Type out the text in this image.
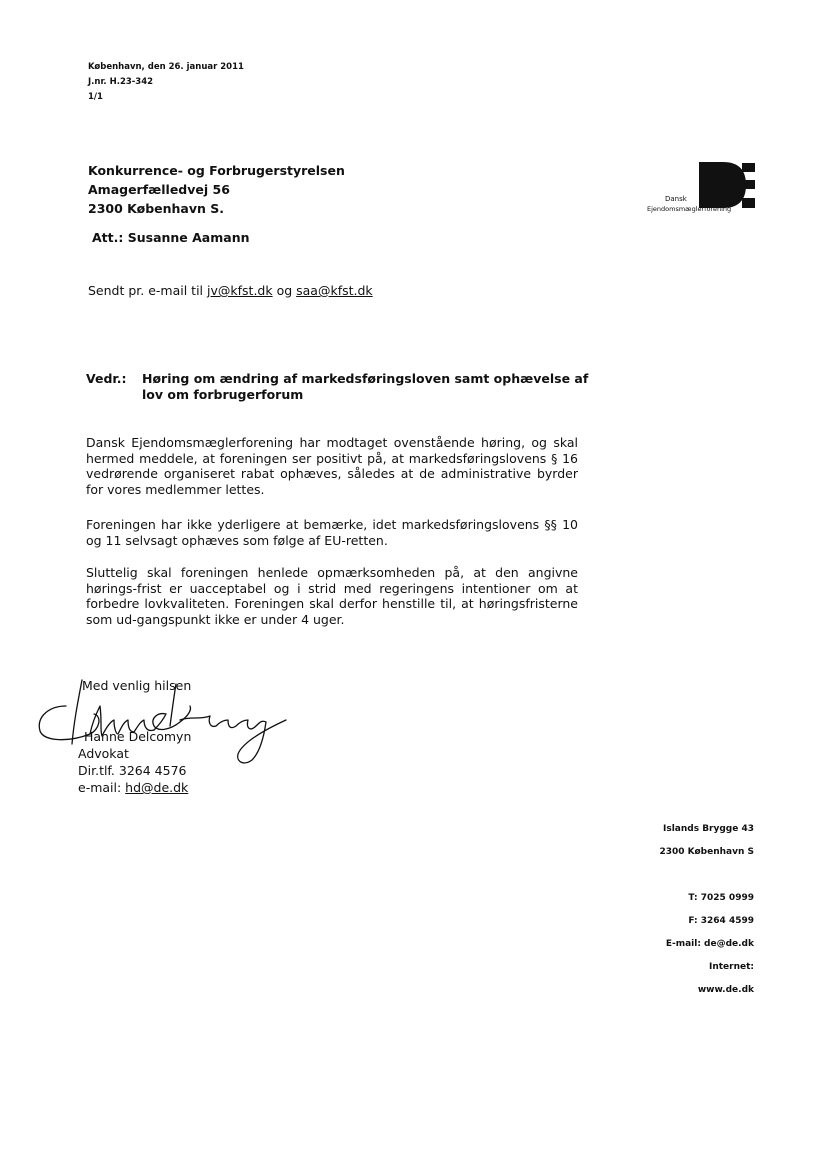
København, den 26. januar 2011
J.nr. H.23-342
1/1
Konkurrence- og Forbrugerstyrelsen
Amagerfælledvej 56
2300 København S.
Att.: Susanne Aamann
Dansk
Ejendomsmæglerforening
Sendt pr. e-mail til jv@kfst.dk og saa@kfst.dk
Vedr.: Høring om ændring af markedsføringsloven samt ophævelse af lov om forbrugerforum
Dansk Ejendomsmæglerforening har modtaget ovenstående høring, og skal hermed meddele, at foreningen ser positivt på, at markedsføringslovens § 16 vedrørende organiseret rabat ophæves, således at de administrative byrder for vores medlemmer lettes.
Foreningen har ikke yderligere at bemærke, idet markedsføringslovens §§ 10 og 11 selvsagt ophæves som følge af EU-retten.
Sluttelig skal foreningen henlede opmærksomheden på, at den angivne hørings-frist er uacceptabel og i strid med regeringens intentioner om at forbedre lovkvaliteten. Foreningen skal derfor henstille til, at høringsfristerne som ud-gangspunkt ikke er under 4 uger.
Med venlig hilsen
Hanne Delcomyn
Advokat
Dir.tlf. 3264 4576
e-mail: hd@de.dk
Islands Brygge 43
2300 København S
T: 7025 0999
F: 3264 4599
E-mail: de@de.dk
Internet:
www.de.dk
